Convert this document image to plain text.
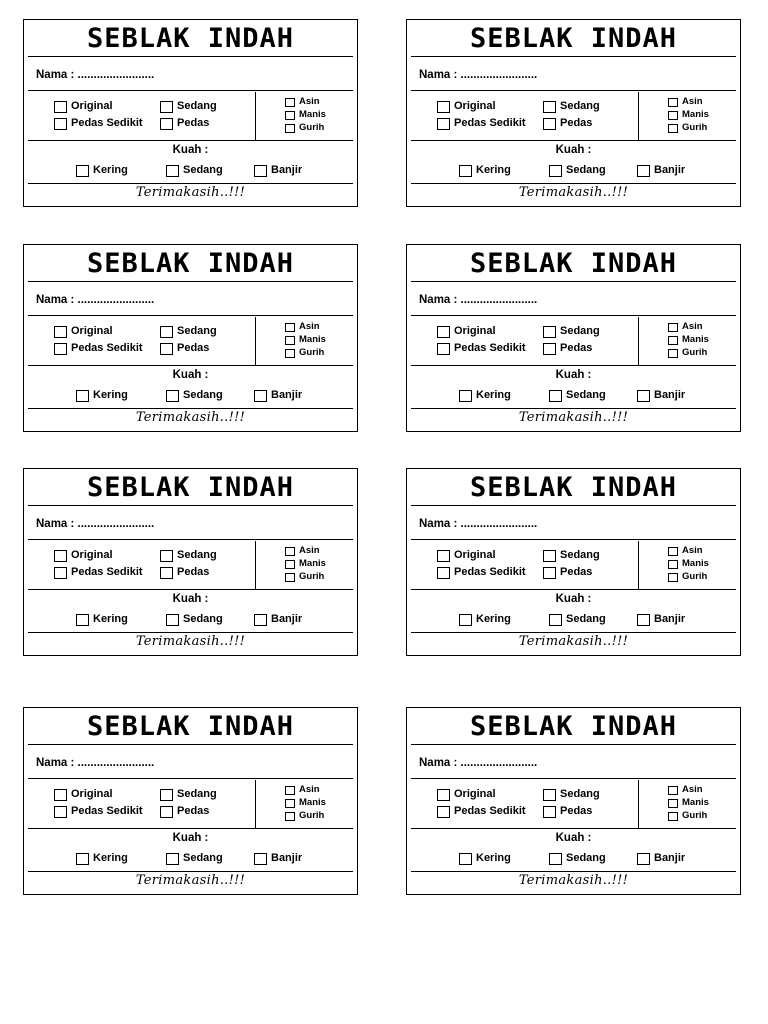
SEBLAK INDAH
Nama : ........................
Original	Sedang
Pedas Sedikit	Pedas
Asin
Manis
Gurih
Kuah :
Kering	Sedang	Banjir
Terimakasih..!!!
SEBLAK INDAH
Nama : ........................
Original	Sedang
Pedas Sedikit	Pedas
Asin
Manis
Gurih
Kuah :
Kering	Sedang	Banjir
Terimakasih..!!!
SEBLAK INDAH
Nama : ........................
Original	Sedang
Pedas Sedikit	Pedas
Asin
Manis
Gurih
Kuah :
Kering	Sedang	Banjir
Terimakasih..!!!
SEBLAK INDAH
Nama : ........................
Original	Sedang
Pedas Sedikit	Pedas
Asin
Manis
Gurih
Kuah :
Kering	Sedang	Banjir
Terimakasih..!!!
SEBLAK INDAH
Nama : ........................
Original	Sedang
Pedas Sedikit	Pedas
Asin
Manis
Gurih
Kuah :
Kering	Sedang	Banjir
Terimakasih..!!!
SEBLAK INDAH
Nama : ........................
Original	Sedang
Pedas Sedikit	Pedas
Asin
Manis
Gurih
Kuah :
Kering	Sedang	Banjir
Terimakasih..!!!
SEBLAK INDAH
Nama : ........................
Original	Sedang
Pedas Sedikit	Pedas
Asin
Manis
Gurih
Kuah :
Kering	Sedang	Banjir
Terimakasih..!!!
SEBLAK INDAH
Nama : ........................
Original	Sedang
Pedas Sedikit	Pedas
Asin
Manis
Gurih
Kuah :
Kering	Sedang	Banjir
Terimakasih..!!!
